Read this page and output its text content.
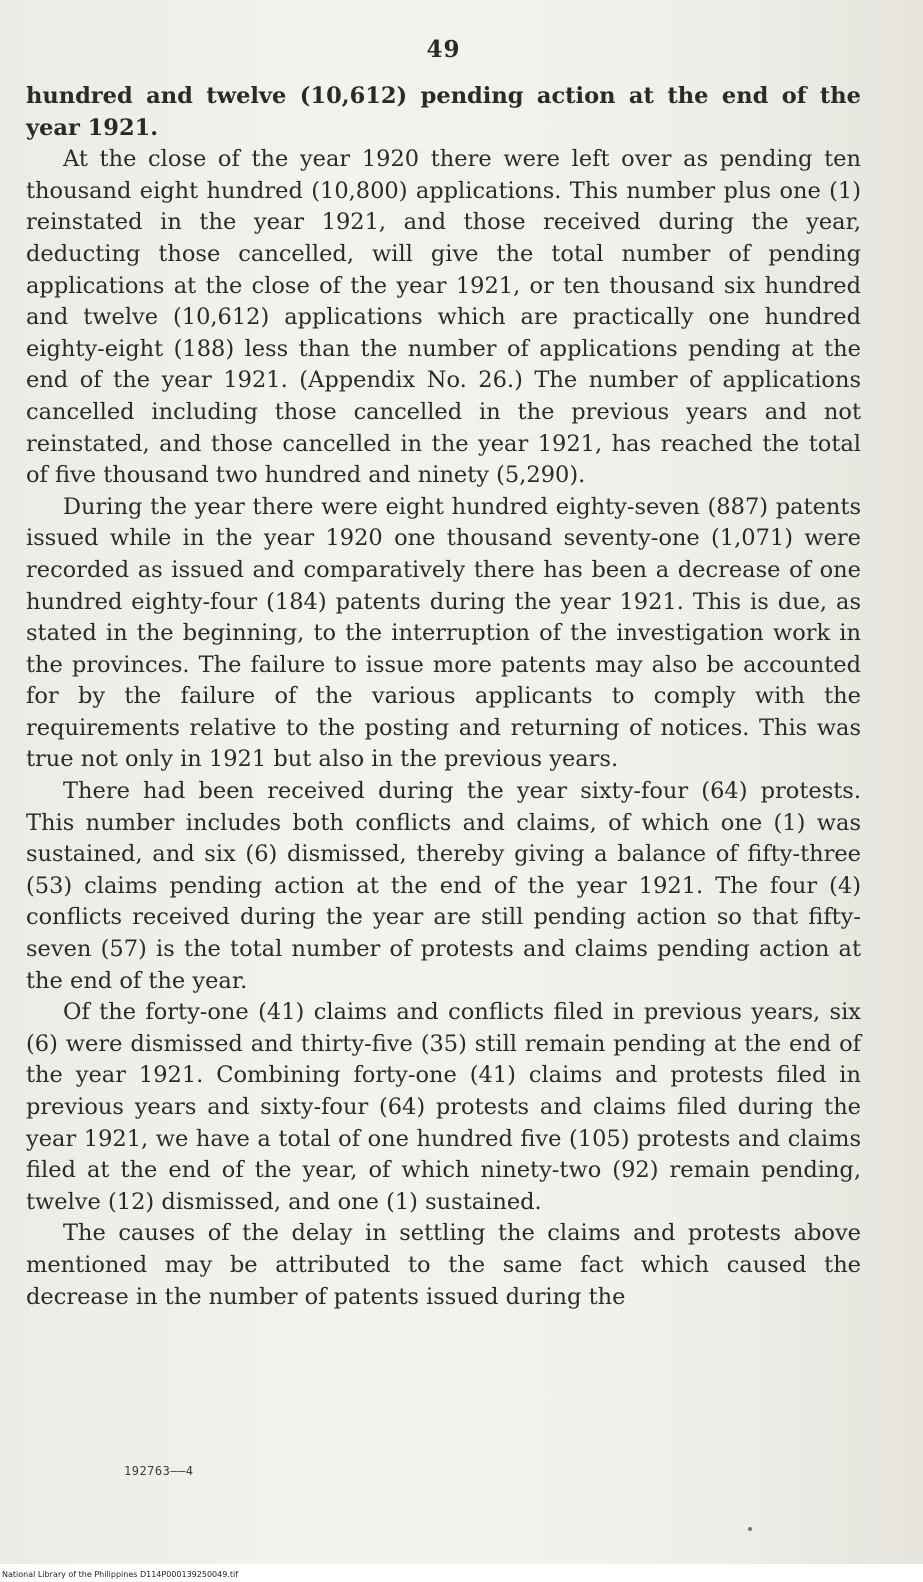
49

hundred and twelve (10,612) pending action at the end of the year 1921.

At the close of the year 1920 there were left over as pending ten thousand eight hundred (10,800) applications. This number plus one (1) reinstated in the year 1921, and those received during the year, deducting those cancelled, will give the total number of pending applications at the close of the year 1921, or ten thousand six hundred and twelve (10,612) applications which are practically one hundred eighty-eight (188) less than the number of applications pending at the end of the year 1921. (Appendix No. 26.) The number of applications cancelled including those cancelled in the previous years and not reinstated, and those cancelled in the year 1921, has reached the total of five thousand two hundred and ninety (5,290).

During the year there were eight hundred eighty-seven (887) patents issued while in the year 1920 one thousand seventy-one (1,071) were recorded as issued and comparatively there has been a decrease of one hundred eighty-four (184) patents during the year 1921. This is due, as stated in the beginning, to the interruption of the investigation work in the provinces. The failure to issue more patents may also be accounted for by the failure of the various applicants to comply with the requirements relative to the posting and returning of notices. This was true not only in 1921 but also in the previous years.

There had been received during the year sixty-four (64) protests. This number includes both conflicts and claims, of which one (1) was sustained, and six (6) dismissed, thereby giving a balance of fifty-three (53) claims pending action at the end of the year 1921. The four (4) conflicts received during the year are still pending action so that fifty-seven (57) is the total number of protests and claims pending action at the end of the year.

Of the forty-one (41) claims and conflicts filed in previous years, six (6) were dismissed and thirty-five (35) still remain pending at the end of the year 1921. Combining forty-one (41) claims and protests filed in previous years and sixty-four (64) protests and claims filed during the year 1921, we have a total of one hundred five (105) protests and claims filed at the end of the year, of which ninety-two (92) remain pending, twelve (12) dismissed, and one (1) sustained.

The causes of the delay in settling the claims and protests above mentioned may be attributed to the same fact which caused the decrease in the number of patents issued during the

192763——4
National Library of the Philippines D114P000139250049.tif
